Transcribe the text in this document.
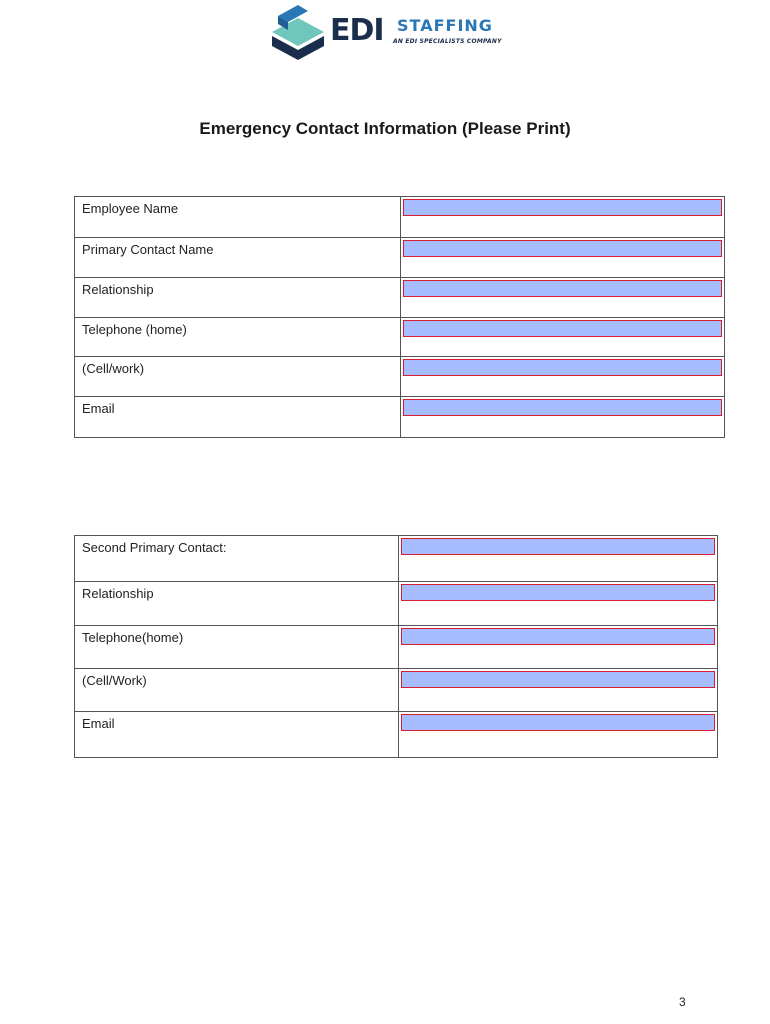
EDI STAFFING
AN EDI SPECIALISTS COMPANY
Emergency Contact Information (Please Print)
Employee Name	

Primary Contact Name	

Relationship	

Telephone (home)	

(Cell/work)	

Email	
Second Primary Contact:	

Relationship	

Telephone(home)	

(Cell/Work)	

Email	
3
